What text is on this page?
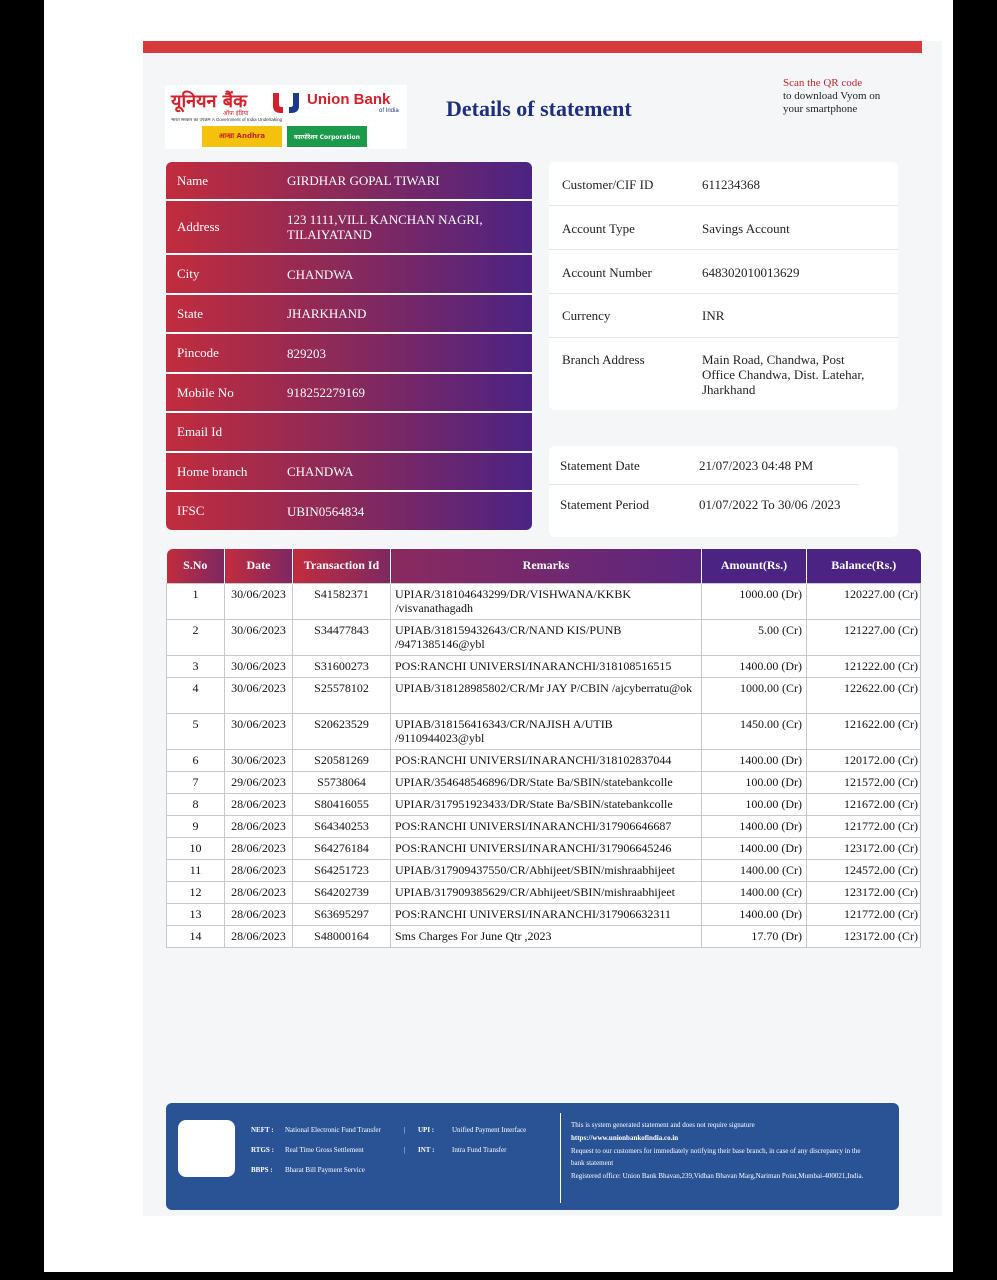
यूनियन बैंक
ऑफ़ इंडिया
Union Bank
of India
भारत सरकार का उपक्रम A Government of India Undertaking
आन्ध्रा Andhra	कारपोरेशन Corporation
Details of statement
Scan the QR code
to download Vyom on
your smartphone
Name	GIRDHAR GOPAL TIWARI
Address	123 1111,VILL KANCHAN NAGRI, TILAIYATAND
City	CHANDWA
State	JHARKHAND
Pincode	829203
Mobile No	918252279169
Email Id
Home branch	CHANDWA
IFSC	UBIN0564834
Customer/CIF ID	611234368
Account Type	Savings Account
Account Number	648302010013629
Currency	INR
Branch Address	Main Road, Chandwa, Post Office Chandwa, Dist. Latehar, Jharkhand
Statement Date	21/07/2023 04:48 PM
Statement Period	01/07/2022 To 30/06 /2023
S.No	Date	Transaction Id	Remarks	Amount(Rs.)	Balance(Rs.)
1	30/06/2023	S41582371	UPIAR/318104643299/DR/VISHWANA/KKBK /visvanathagadh	1000.00 (Dr)	120227.00 (Cr)
2	30/06/2023	S34477843	UPIAB/318159432643/CR/NAND KIS/PUNB /9471385146@ybl	5.00 (Cr)	121227.00 (Cr)
3	30/06/2023	S31600273	POS:RANCHI UNIVERSI/INARANCHI/318108516515	1400.00 (Dr)	121222.00 (Cr)
4	30/06/2023	S25578102	UPIAB/318128985802/CR/Mr JAY P/CBIN /ajcyberratu@ok	1000.00 (Cr)	122622.00 (Cr)
5	30/06/2023	S20623529	UPIAB/318156416343/CR/NAJISH A/UTIB /9110944023@ybl	1450.00 (Cr)	121622.00 (Cr)
6	30/06/2023	S20581269	POS:RANCHI UNIVERSI/INARANCHI/318102837044	1400.00 (Dr)	120172.00 (Cr)
7	29/06/2023	S5738064	UPIAR/354648546896/DR/State Ba/SBIN/statebankcolle	100.00 (Dr)	121572.00 (Cr)
8	28/06/2023	S80416055	UPIAR/317951923433/DR/State Ba/SBIN/statebankcolle	100.00 (Dr)	121672.00 (Cr)
9	28/06/2023	S64340253	POS:RANCHI UNIVERSI/INARANCHI/317906646687	1400.00 (Dr)	121772.00 (Cr)
10	28/06/2023	S64276184	POS:RANCHI UNIVERSI/INARANCHI/317906645246	1400.00 (Dr)	123172.00 (Cr)
11	28/06/2023	S64251723	UPIAB/317909437550/CR/Abhijeet/SBIN/mishraabhijeet	1400.00 (Cr)	124572.00 (Cr)
12	28/06/2023	S64202739	UPIAB/317909385629/CR/Abhijeet/SBIN/mishraabhijeet	1400.00 (Cr)	123172.00 (Cr)
13	28/06/2023	S63695297	POS:RANCHI UNIVERSI/INARANCHI/317906632311	1400.00 (Dr)	121772.00 (Cr)
14	28/06/2023	S48000164	Sms Charges For June Qtr ,2023	17.70 (Dr)	123172.00 (Cr)
NEFT : National Electronic Fund Transfer
RTGS : Real Time Gross Settlement
BBPS : Bharat Bill Payment Service
|
|
UPI :	Unified Payment Interface
INT :	Intra Fund Transfer
This is system generated statement and does not require signature
https://www.unionbankofindia.co.in
Request to our customers for immediately notifying their base branch, in case of any discrepancy in the bank statement
Registered office: Union Bank Bhavan,239,Vidhan Bhavan Marg,Nariman Point,Mumbai-400021,India.
